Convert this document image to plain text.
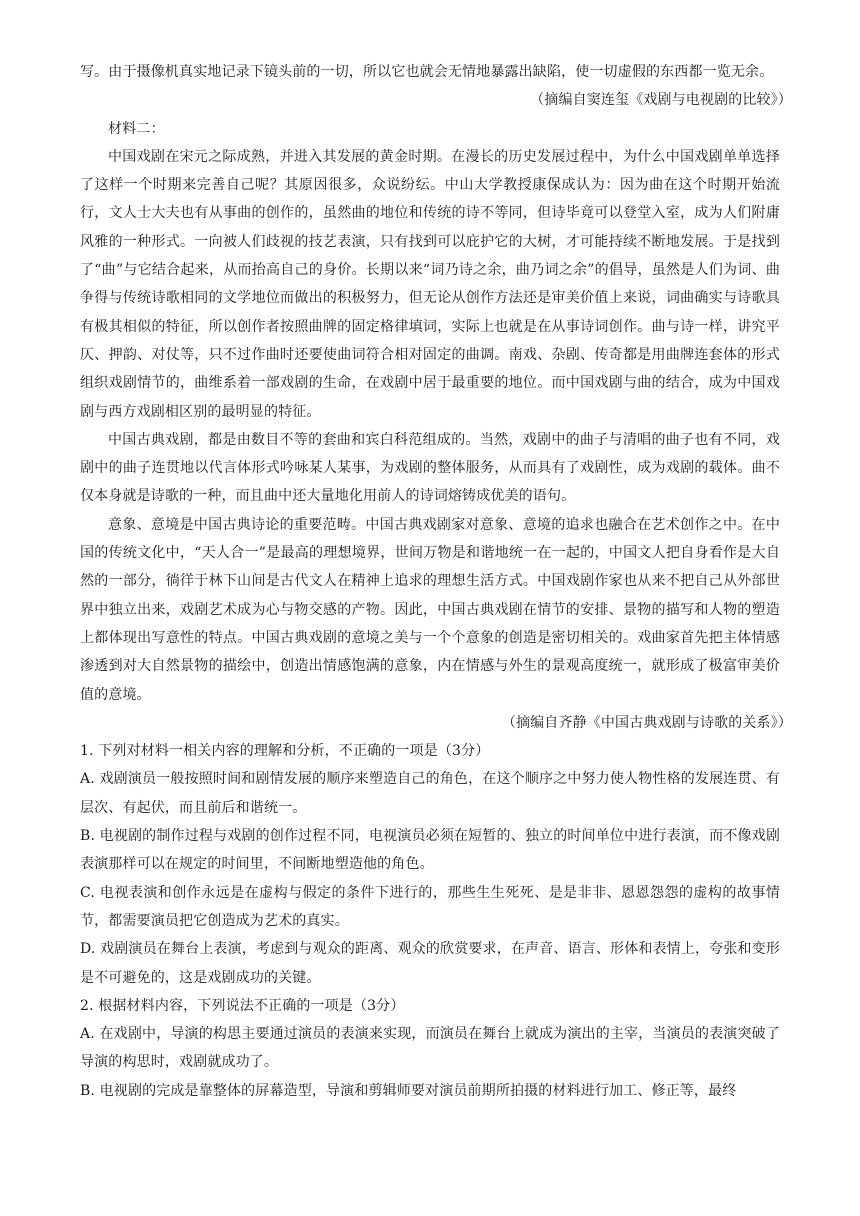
写。由于摄像机真实地记录下镜头前的一切，所以它也就会无情地暴露出缺陷，使一切虚假的东西都一览无余。

（摘编自窦连玺《戏剧与电视剧的比较》）

材料二：

中国戏剧在宋元之际成熟，并进入其发展的黄金时期。在漫长的历史发展过程中，为什么中国戏剧单单选择了这样一个时期来完善自己呢？其原因很多，众说纷纭。中山大学教授康保成认为：因为曲在这个时期开始流行，文人士大夫也有从事曲的创作的，虽然曲的地位和传统的诗不等同，但诗毕竟可以登堂入室，成为人们附庸风雅的一种形式。一向被人们歧视的技艺表演，只有找到可以庇护它的大树，才可能持续不断地发展。于是找到了“曲”与它结合起来，从而抬高自己的身价。长期以来“词乃诗之余，曲乃词之余”的倡导，虽然是人们为词、曲争得与传统诗歌相同的文学地位而做出的积极努力，但无论从创作方法还是审美价值上来说，词曲确实与诗歌具有极其相似的特征，所以创作者按照曲牌的固定格律填词，实际上也就是在从事诗词创作。曲与诗一样，讲究平仄、押韵、对仗等，只不过作曲时还要使曲词符合相对固定的曲调。南戏、杂剧、传奇都是用曲牌连套体的形式组织戏剧情节的，曲维系着一部戏剧的生命，在戏剧中居于最重要的地位。而中国戏剧与曲的结合，成为中国戏剧与西方戏剧相区别的最明显的特征。

中国古典戏剧，都是由数目不等的套曲和宾白科范组成的。当然，戏剧中的曲子与清唱的曲子也有不同，戏剧中的曲子连贯地以代言体形式吟咏某人某事，为戏剧的整体服务，从而具有了戏剧性，成为戏剧的载体。曲不仅本身就是诗歌的一种，而且曲中还大量地化用前人的诗词熔铸成优美的语句。

意象、意境是中国古典诗论的重要范畴。中国古典戏剧家对意象、意境的追求也融合在艺术创作之中。在中国的传统文化中，“天人合一”是最高的理想境界，世间万物是和谐地统一在一起的，中国文人把自身看作是大自然的一部分，徜徉于林下山间是古代文人在精神上追求的理想生活方式。中国戏剧作家也从来不把自己从外部世界中独立出来，戏剧艺术成为心与物交感的产物。因此，中国古典戏剧在情节的安排、景物的描写和人物的塑造上都体现出写意性的特点。中国古典戏剧的意境之美与一个个意象的创造是密切相关的。戏曲家首先把主体情感渗透到对大自然景物的描绘中，创造出情感饱满的意象，内在情感与外生的景观高度统一，就形成了极富审美价值的意境。

（摘编自齐静《中国古典戏剧与诗歌的关系》）

1. 下列对材料一相关内容的理解和分析，不正确的一项是（3分）

A. 戏剧演员一般按照时间和剧情发展的顺序来塑造自己的角色，在这个顺序之中努力使人物性格的发展连贯、有层次、有起伏，而且前后和谐统一。

B. 电视剧的制作过程与戏剧的创作过程不同，电视演员必须在短暂的、独立的时间单位中进行表演，而不像戏剧表演那样可以在规定的时间里，不间断地塑造他的角色。

C. 电视表演和创作永远是在虚构与假定的条件下进行的，那些生生死死、是是非非、恩恩怨怨的虚构的故事情节，都需要演员把它创造成为艺术的真实。

D. 戏剧演员在舞台上表演，考虑到与观众的距离、观众的欣赏要求，在声音、语言、形体和表情上，夸张和变形是不可避免的，这是戏剧成功的关键。

2. 根据材料内容，下列说法不正确的一项是（3分）

A. 在戏剧中，导演的构思主要通过演员的表演来实现，而演员在舞台上就成为演出的主宰，当演员的表演突破了导演的构思时，戏剧就成功了。

B. 电视剧的完成是靠整体的屏幕造型，导演和剪辑师要对演员前期所拍摄的材料进行加工、修正等，最终
